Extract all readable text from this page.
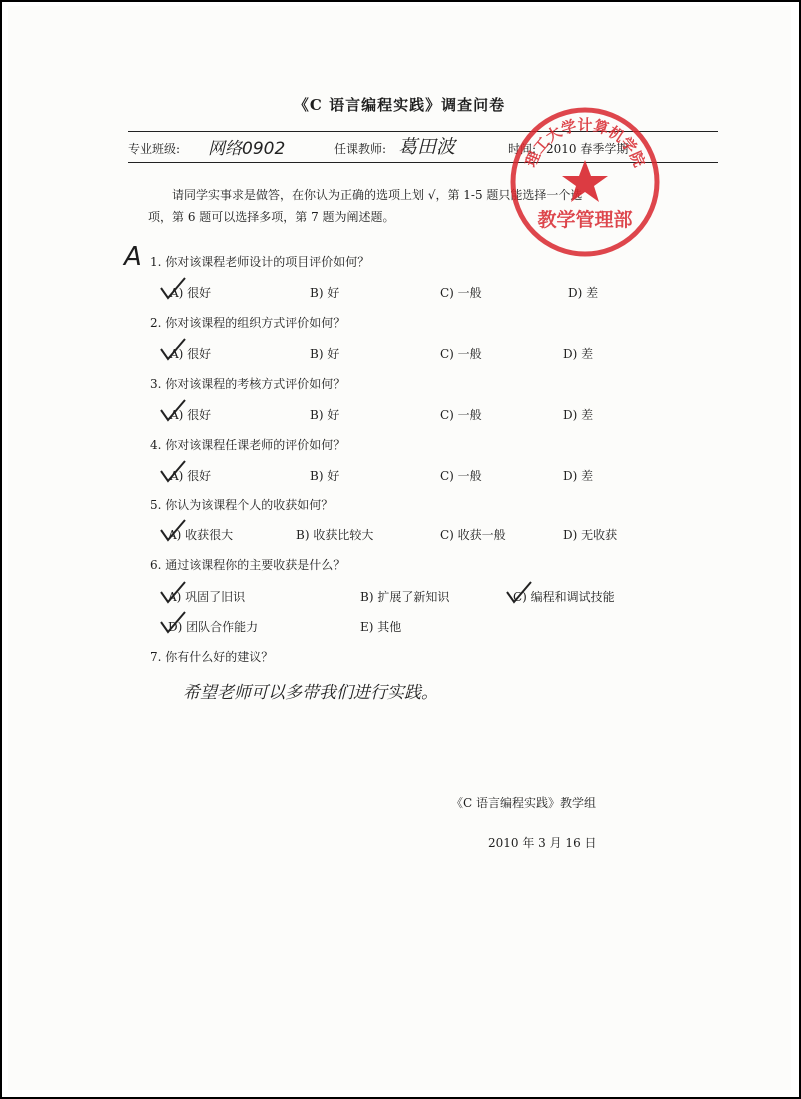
《C 语言编程实践》调查问卷
专业班级: 网络0902	任课教师: 葛田波	时间: 2010 春季学期
请同学实事求是做答，在你认为正确的选项上划 √，第 1-5 题只能选择一个选
项，第 6 题可以选择多项，第 7 题为阐述题。
A 1. 你对该课程老师设计的项目评价如何？
A) 很好	B) 好	C) 一般	D) 差
2. 你对该课程的组织方式评价如何？
A) 很好	B) 好	C) 一般	D) 差
3. 你对该课程的考核方式评价如何？
A) 很好	B) 好	C) 一般	D) 差
4. 你对该课程任课老师的评价如何？
A) 很好	B) 好	C) 一般	D) 差
5. 你认为该课程个人的收获如何？
A) 收获很大	B) 收获比较大	C) 收获一般	D) 无收获
6. 通过该课程你的主要收获是什么？
A) 巩固了旧识	B) 扩展了新知识	C) 编程和调试技能
D) 团队合作能力	E) 其他
7. 你有什么好的建议？
希望老师可以多带我们进行实践。
《C 语言编程实践》教学组
2010 年 3 月 16 日
理工大学计算机学院
教学管理部
